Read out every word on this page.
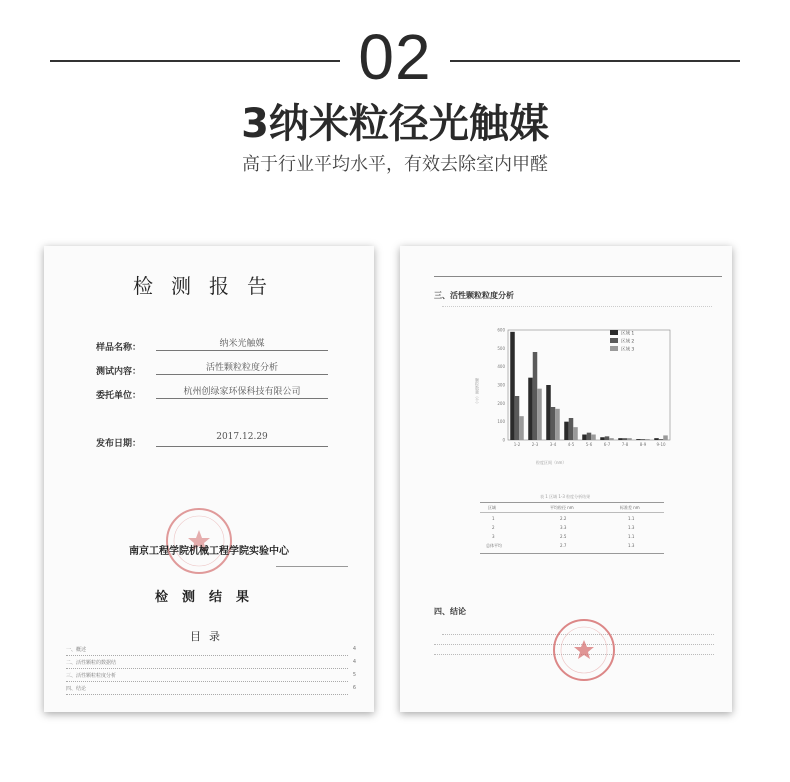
02
3纳米粒径光触媒
高于行业平均水平，有效去除室内甲醛
检测报告
样品名称：	纳米光触媒
测试内容：	活性颗粒粒度分析
委托单位：	杭州创绿家环保科技有限公司
发布日期：
2017.12.29
南京工程学院机械工程学院实验中心
检测结果
目录
一、概述	4
二、活性颗粒的数据结	4
三、活性颗粒粒度分析	5
四、结论	6
三、活性颗粒粒度分析
0
100
200
300
400
500
600
1-2	2-3	3-4	4-5	5-6	6-7	7-8	8-9	9-10
区域 1
区域 2
区域 3
粒度区间（nm）
颗粒数量（个）
表 1 区域 1-3 粒度分析结果
区域	平均粒径 nm	标准差 nm
1	2.2	1.1
2	3.3	1.3
3	2.5	1.1
总体平均	2.7	1.3
四、结论
